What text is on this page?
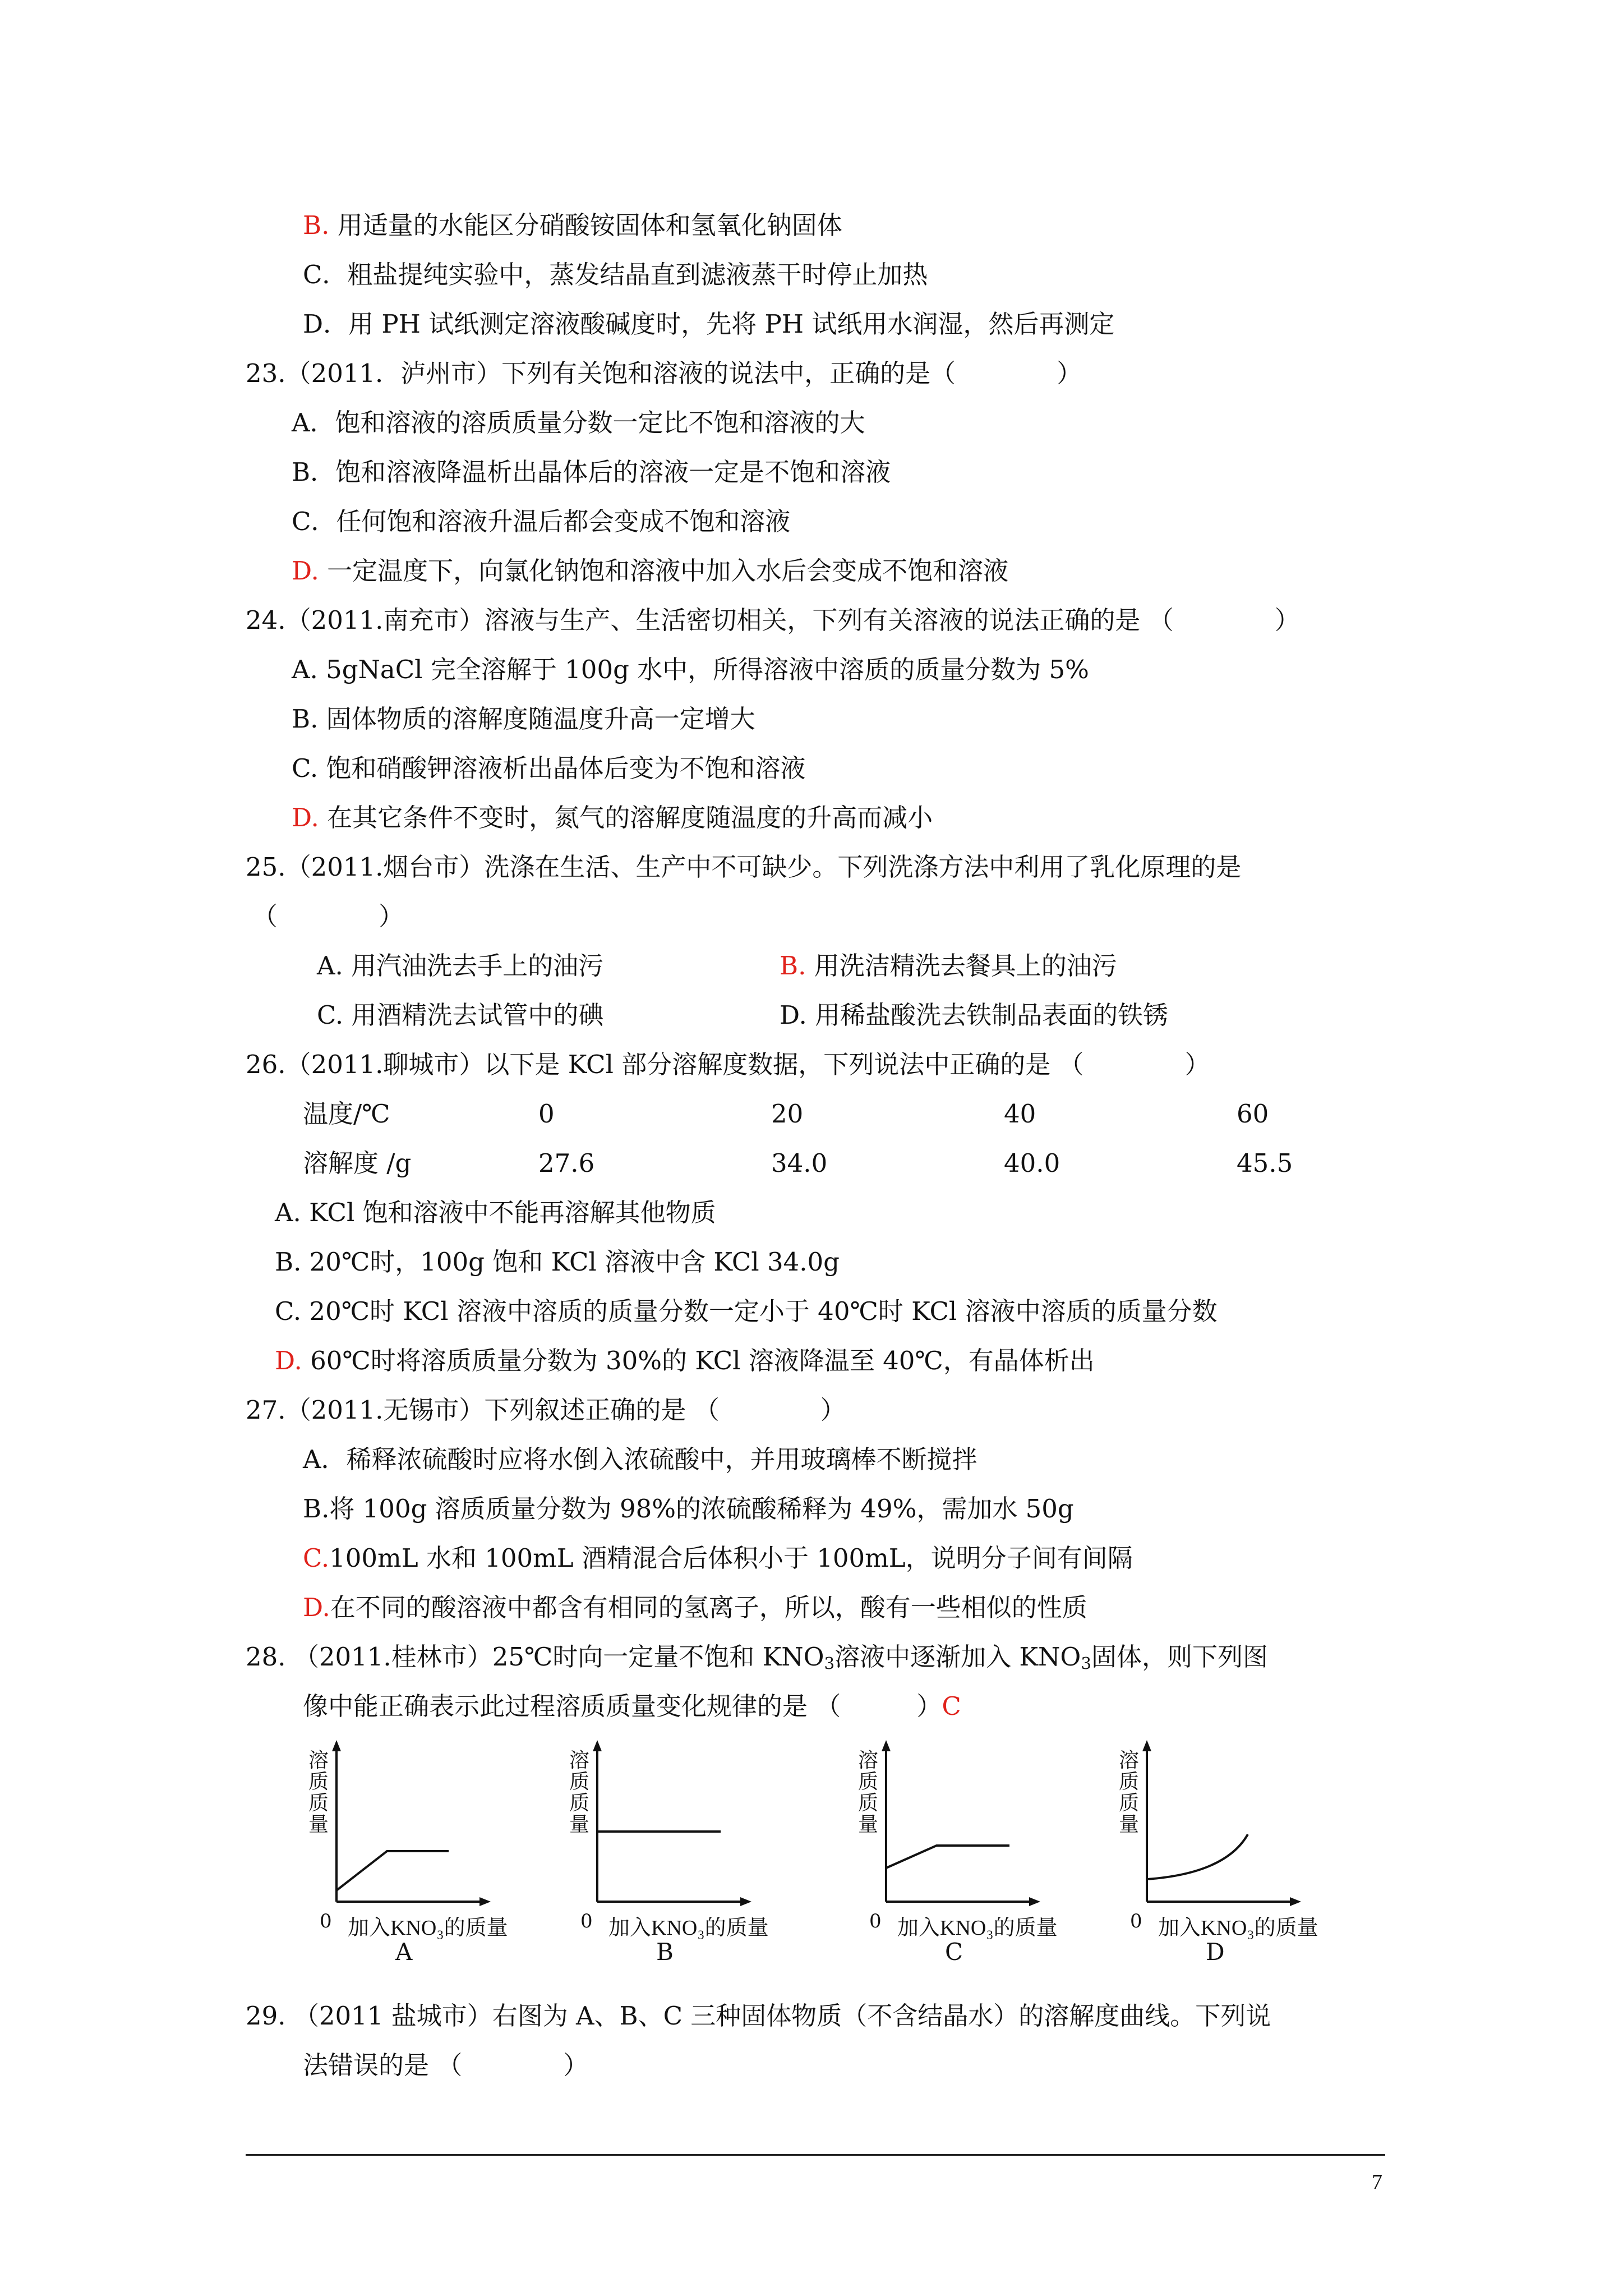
B. 用适量的水能区分硝酸铵固体和氢氧化钠固体
C．粗盐提纯实验中，蒸发结晶直到滤液蒸干时停止加热
D．用 PH 试纸测定溶液酸碱度时，先将 PH 试纸用水润湿，然后再测定
23.（2011．泸州市）下列有关饱和溶液的说法中，正确的是（　　　　）
A．饱和溶液的溶质质量分数一定比不饱和溶液的大
B．饱和溶液降温析出晶体后的溶液一定是不饱和溶液
C．任何饱和溶液升温后都会变成不饱和溶液
D. 一定温度下，向氯化钠饱和溶液中加入水后会变成不饱和溶液
24.（2011.南充市）溶液与生产、生活密切相关，下列有关溶液的说法正确的是 （　　　　）
A. 5gNaCl 完全溶解于 100g 水中，所得溶液中溶质的质量分数为 5%
B. 固体物质的溶解度随温度升高一定增大
C. 饱和硝酸钾溶液析出晶体后变为不饱和溶液
D. 在其它条件不变时，氮气的溶解度随温度的升高而减小
25.（2011.烟台市）洗涤在生活、生产中不可缺少。下列洗涤方法中利用了乳化原理的是
（　　　　）
A. 用汽油洗去手上的油污	B. 用洗洁精洗去餐具上的油污
C. 用酒精洗去试管中的碘	D. 用稀盐酸洗去铁制品表面的铁锈
26.（2011.聊城市）以下是 KCl 部分溶解度数据，下列说法中正确的是 （　　　　）
温度/℃	0	20	40	60
溶解度 /g	27.6	34.0	40.0	45.5
A. KCl 饱和溶液中不能再溶解其他物质
B. 20℃时，100g 饱和 KCl 溶液中含 KCl 34.0g
C. 20℃时 KCl 溶液中溶质的质量分数一定小于 40℃时 KCl 溶液中溶质的质量分数
D. 60℃时将溶质质量分数为 30%的 KCl 溶液降温至 40℃，有晶体析出
27.（2011.无锡市）下列叙述正确的是 （　　　　）
A．稀释浓硫酸时应将水倒入浓硫酸中，并用玻璃棒不断搅拌
B.将 100g 溶质质量分数为 98%的浓硫酸稀释为 49%，需加水 50g
C.100mL 水和 100mL 酒精混合后体积小于 100mL，说明分子间有间隔
D.在不同的酸溶液中都含有相同的氢离子，所以，酸有一些相似的性质
28. （2011.桂林市）25℃时向一定量不饱和 $KNO_3$溶液中逐渐加入 $KNO_3$固体，则下列图
像中能正确表示此过程溶质质量变化规律的是 （　　　）C
溶
质
质
量
0 加入KNO₃的质量
A
溶
质
质
量
0 加入KNO₃的质量
B
溶
质
质
量
0 加入KNO₃的质量
C
溶
质
质
量
0 加入KNO₃的质量
D
29. （2011 盐城市）右图为 A、B、C 三种固体物质（不含结晶水）的溶解度曲线。下列说
法错误的是 （　　　　）
7
